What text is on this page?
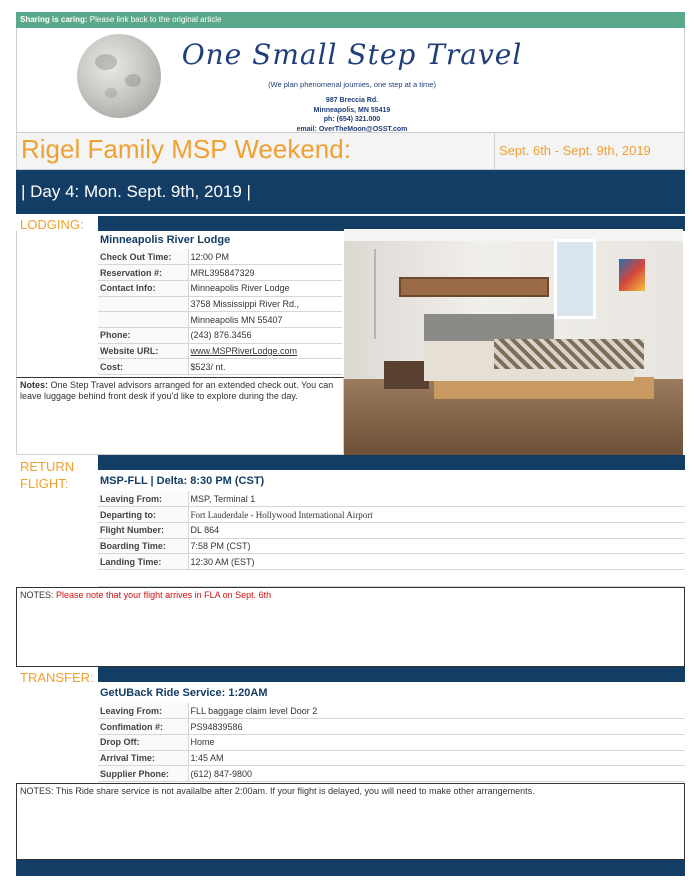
Sharing is caring: Please link back to the original article
One Small Step Travel
(We plan phenomenal journies, one step at a time)
987 Breccia Rd.
Minneapolis, MN 55419
ph: (654) 321.000
email: OverTheMoon@OSST.com
Rigel Family MSP Weekend:	Sept. 6th - Sept. 9th, 2019
| Day 4: Mon. Sept. 9th, 2019 |
LODGING:
Minneapolis River Lodge
Check Out Time:	12:00 PM
Reservation #:	MRL395847329
Contact Info:	Minneapolis River Lodge
	3758 Mississippi River Rd.,
	Minneapolis MN 55407
Phone:	(243) 876.3456
Website URL:	www.MSPRiverLodge.com
Cost:	$523/ nt.
Notes: One Step Travel advisors arranged for an extended check out. You can leave luggage behind front desk if you'd like to explore during the day.
RETURN
FLIGHT:	MSP-FLL | Delta: 8:30 PM (CST)
Leaving From:	MSP, Terminal 1
Departing to:	Fort Lauderdale - Hollywood International Airport
Flight Number:	DL 864
Boarding Time:	7:58 PM (CST)
Landing Time:	12:30 AM (EST)
NOTES: Please note that your flight arrives in FLA on Sept. 6th
TRANSFER:
GetUBack Ride Service: 1:20AM
Leaving From:	FLL baggage claim level Door 2
Confimation #:	PS94839586
Drop Off:	Home
Arrival Time:	1:45 AM
Supplier Phone:	(612) 847-9800
NOTES: This Ride share service is not availalbe after 2:00am. If your flight is delayed, you will need to make other arrangements.
